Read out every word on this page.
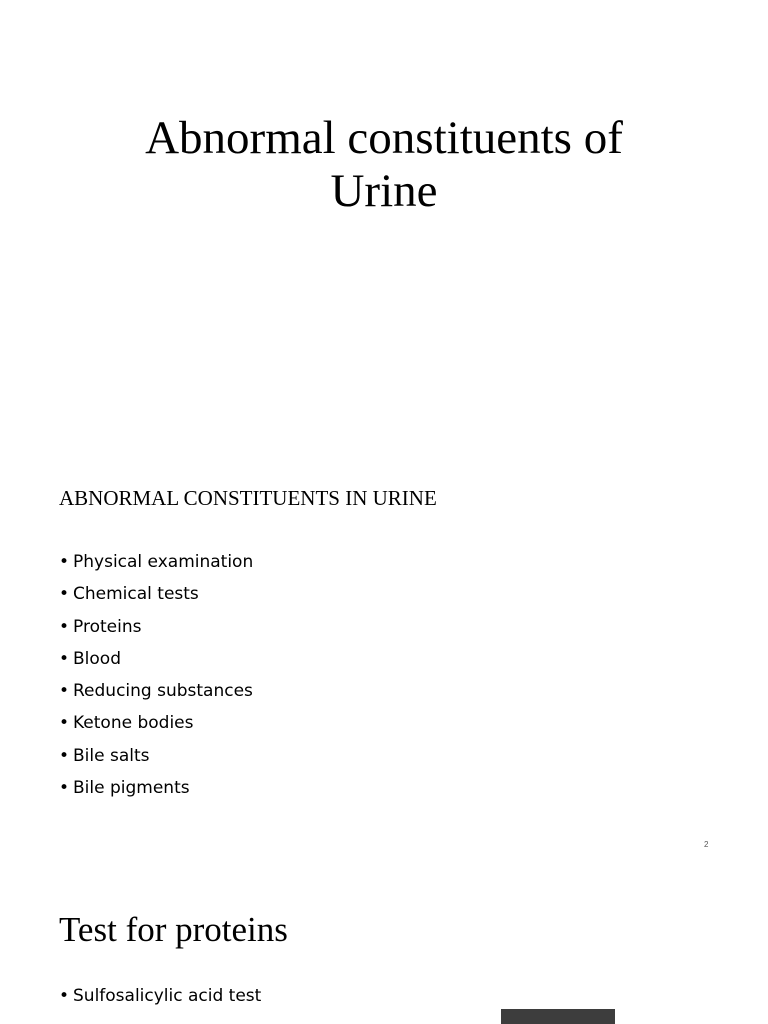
Abnormal constituents of
Urine
ABNORMAL CONSTITUENTS IN URINE
• Physical examination
• Chemical tests
• Proteins
• Blood
• Reducing substances
• Ketone bodies
• Bile salts
• Bile pigments
2
Test for proteins
• Sulfosalicylic acid test
